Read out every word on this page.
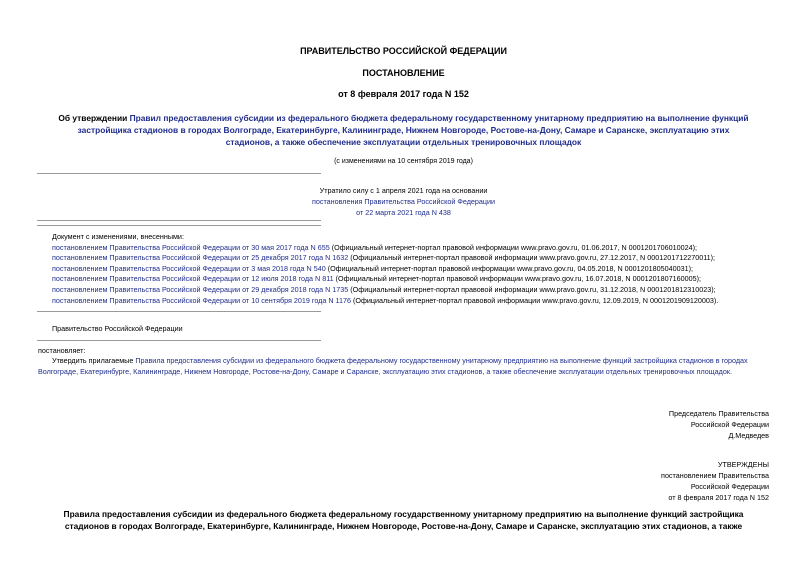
ПРАВИТЕЛЬСТВО РОССИЙСКОЙ ФЕДЕРАЦИИ
ПОСТАНОВЛЕНИЕ
от 8 февраля 2017 года N 152
Об утверждении Правил предоставления субсидии из федерального бюджета федеральному государственному унитарному предприятию на выполнение функций
застройщика стадионов в городах Волгограде, Екатеринбурге, Калининграде, Нижнем Новгороде, Ростове-на-Дону, Самаре и Саранске, эксплуатацию этих
стадионов, а также обеспечение эксплуатации отдельных тренировочных площадок
(с изменениями на 10 сентября 2019 года)
Утратило силу с 1 апреля 2021 года на основании
постановления Правительства Российской Федерации
от 22 марта 2021 года N 438
Документ с изменениями, внесенными:
постановлением Правительства Российской Федерации от 30 мая 2017 года N 655 (Официальный интернет-портал правовой информации www.pravo.gov.ru, 01.06.2017, N 0001201706010024);
постановлением Правительства Российской Федерации от 25 декабря 2017 года N 1632 (Официальный интернет-портал правовой информации www.pravo.gov.ru, 27.12.2017, N 0001201712270011);
постановлением Правительства Российской Федерации от 3 мая 2018 года N 540 (Официальный интернет-портал правовой информации www.pravo.gov.ru, 04.05.2018, N 0001201805040031);
постановлением Правительства Российской Федерации от 12 июля 2018 года N 811 (Официальный интернет-портал правовой информации www.pravo.gov.ru, 16.07.2018, N 0001201807160005);
постановлением Правительства Российской Федерации от 29 декабря 2018 года N 1735 (Официальный интернет-портал правовой информации www.pravo.gov.ru, 31.12.2018, N 0001201812310023);
постановлением Правительства Российской Федерации от 10 сентября 2019 года N 1176 (Официальный интернет-портал правовой информации www.pravo.gov.ru, 12.09.2019, N 0001201909120003).
Правительство Российской Федерации
постановляет:
Утвердить прилагаемые Правила предоставления субсидии из федерального бюджета федеральному государственному унитарному предприятию на выполнение функций застройщика стадионов в городах
Волгограде, Екатеринбурге, Калининграде, Нижнем Новгороде, Ростове-на-Дону, Самаре и Саранске, эксплуатацию этих стадионов, а также обеспечение эксплуатации отдельных тренировочных площадок.
Председатель Правительства
Российской Федерации
Д.Медведев
УТВЕРЖДЕНЫ
постановлением Правительства
Российской Федерации
от 8 февраля 2017 года N 152
Правила предоставления субсидии из федерального бюджета федеральному государственному унитарному предприятию на выполнение функций застройщика
стадионов в городах Волгограде, Екатеринбурге, Калининграде, Нижнем Новгороде, Ростове-на-Дону, Самаре и Саранске, эксплуатацию этих стадионов, а также
